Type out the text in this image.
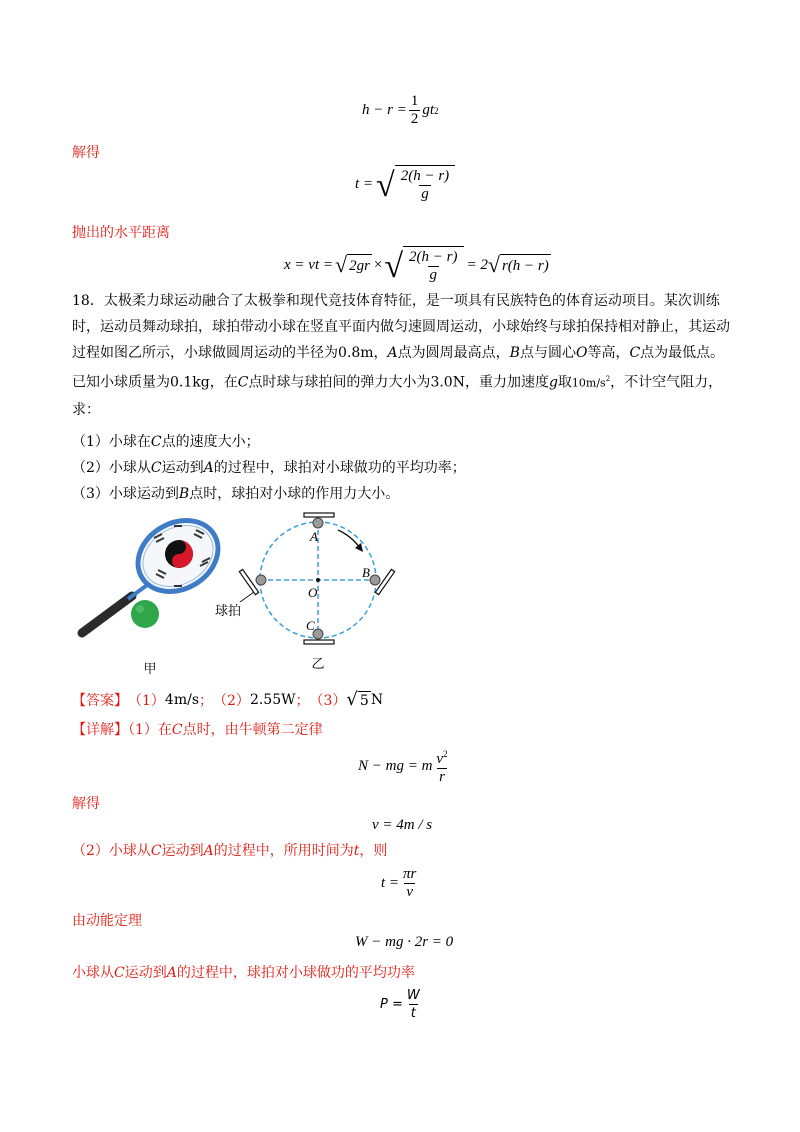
$h - r = \frac{1}{2}$ gt 2
解得
t = √ $\frac{2(h - r)}{g}$
抛出的水平距离
x = vt = √ 2gr × √ $\frac{2(h - r)}{g} = 2$ √ r(h − r)
18．太极柔力球运动融合了太极拳和现代竞技体育特征，是一项具有民族特色的体育运动项目。某次训练时，运动员舞动球拍，球拍带动小球在竖直平面内做匀速圆周运动，小球始终与球拍保持相对静止，其运动过程如图乙所示，小球做圆周运动的半径为0.8m，A点为圆周最高点，B点与圆心O等高，C点为最低点。已知小球质量为0.1kg，在C点时球与球拍间的弹力大小为3.0N，重力加速度g取$10m/s^2$，不计空气阻力，求：
（1）小球在C点的速度大小；
（2）小球从C运动到A的过程中，球拍对小球做功的平均功率；
（3）小球运动到B点时，球拍对小球的作用力大小。
甲
A
B
C
O
球拍
乙
【答案】 （1） 4m/s ； （2） 2.55W ； （3） √ 5 N
【详解】（1）在C点时，由牛顿第二定律
N − mg = m $\frac{v^2}{r}$
解得
v = 4m / s
（2）小球从C运动到A的过程中，所用时间为t，则
$t = \frac{\pi r}{v}$
由动能定理
W − mg · 2r = 0
小球从C运动到A的过程中，球拍对小球做功的平均功率
$P = \frac{W}{t}$
